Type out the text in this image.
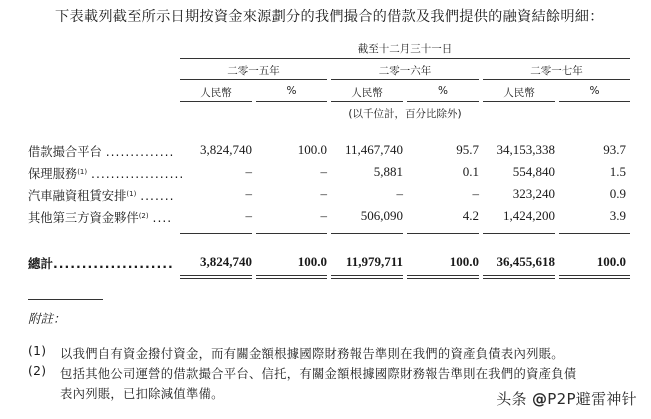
下表載列截至所示日期按資金來源劃分的我們撮合的借款及我們提供的融資結餘明細：
截至十二月三十一日
二零一五年	二零一六年	二零一七年
人民幣	%	人民幣	%	人民幣	%
(以千位計，百分比除外)
借款撮合平台 ..............	3,824,740	100.0	11,467,740	95.7	34,153,338	93.7
保理服務$^{(1)}$ ...................	–	–	5,881	0.1	554,840	1.5
汽車融資租賃安排$^{(1)}$ .......	–	–	–	–	323,240	0.9
其他第三方資金夥伴$^{(2)}$ ....	–	–	506,090	4.2	1,424,200	3.9
總計.....................	3,824,740	100.0	11,979,711	100.0	36,455,618	100.0
附註：
(1) 以我們自有資金撥付資金，而有關金額根據國際財務報告準則在我們的資產負債表內列賬。
(2) 包括其他公司運營的借款撮合平台、信托，有關金額根據國際財務報告準則在我們的資產負債
表內列賬，已扣除減值準備。	头条 @P2P避雷神针
